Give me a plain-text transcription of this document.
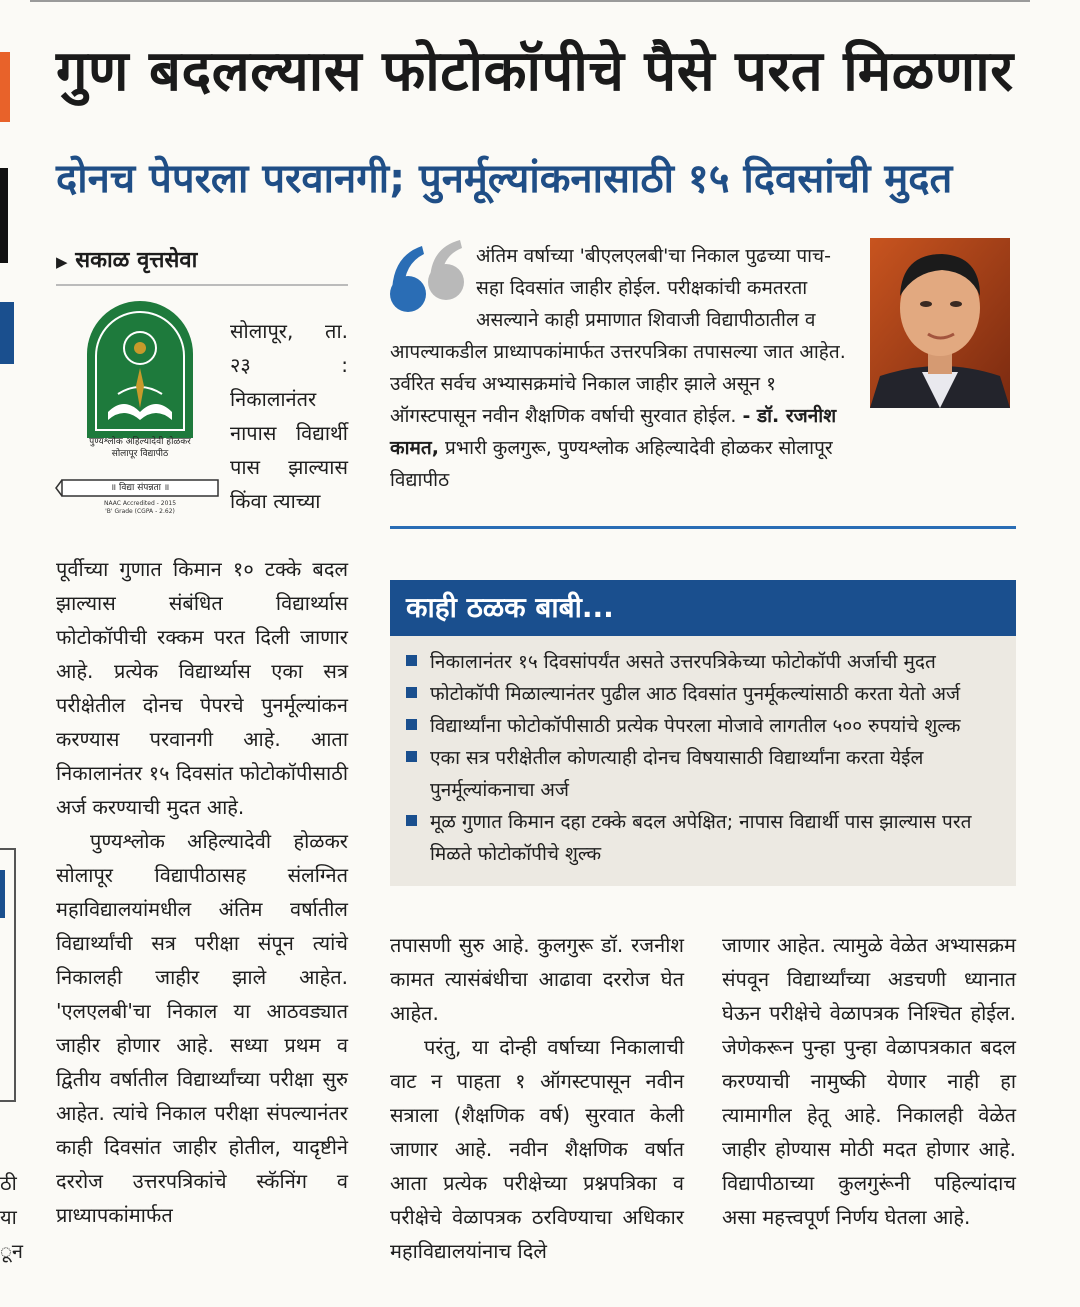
ठी
या
ून
गुण बदलल्यास फोटोकॉपीचे पैसे परत मिळणार
दोनच पेपरला परवानगी; पुनर्मूल्यांकनासाठी १५ दिवसांची मुदत
▶ सकाळ वृत्तसेवा
पुण्यश्लोक अहिल्यादेवी होळकर
सोलापूर विद्यापीठ
॥ विद्या संपन्नता ॥
NAAC Accredited - 2015
'B' Grade (CGPA - 2.62)
सोलापूर, ता. २३ : निकालानंतर नापास विद्यार्थी पास झाल्यास किंवा त्याच्या
पूर्वीच्या गुणात किमान १० टक्के बदल झाल्यास संबंधित विद्यार्थ्यास फोटोकॉपीची रक्कम परत दिली जाणार आहे. प्रत्येक विद्यार्थ्यास एका सत्र परीक्षेतील दोनच पेपरचे पुनर्मूल्यांकन करण्यास परवानगी आहे. आता निकालानंतर १५ दिवसांत फोटोकॉपीसाठी अर्ज करण्याची मुदत आहे.
पुण्यश्लोक अहिल्यादेवी होळकर सोलापूर विद्यापीठासह संलग्नित महाविद्यालयांमधील अंतिम वर्षातील विद्यार्थ्यांची सत्र परीक्षा संपून त्यांचे निकालही जाहीर झाले आहेत. 'एलएलबी'चा निकाल या आठवड्यात जाहीर होणार आहे. सध्या प्रथम व द्वितीय वर्षातील विद्यार्थ्यांच्या परीक्षा सुरु आहेत. त्यांचे निकाल परीक्षा संपल्यानंतर काही दिवसांत जाहीर होतील, यादृष्टीने दररोज उत्तरपत्रिकांचे स्कॅनिंग व प्राध्यापकांमार्फत
अंतिम वर्षाच्या 'बीएलएलबी'चा निकाल पुढच्या पाच-सहा दिवसांत जाहीर होईल. परीक्षकांची कमतरता असल्याने काही प्रमाणात शिवाजी विद्यापीठातील व आपल्याकडील प्राध्यापकांमार्फत उत्तरपत्रिका तपासल्या जात आहेत. उर्वरित सर्वच अभ्यासक्रमांचे निकाल जाहीर झाले असून १ ऑगस्टपासून नवीन शैक्षणिक वर्षाची सुरवात होईल. - डॉ. रजनीश कामत, प्रभारी कुलगुरू, पुण्यश्लोक अहिल्यादेवी होळकर सोलापूर विद्यापीठ
काही ठळक बाबी...
निकालानंतर १५ दिवसांपर्यंत असते उत्तरपत्रिकेच्या फोटोकॉपी अर्जाची मुदत
फोटोकॉपी मिळाल्यानंतर पुढील आठ दिवसांत पुनर्मूकल्यांसाठी करता येतो अर्ज
विद्यार्थ्यांना फोटोकॉपीसाठी प्रत्येक पेपरला मोजावे लागतील ५०० रुपयांचे शुल्क
एका सत्र परीक्षेतील कोणत्याही दोनच विषयासाठी विद्यार्थ्यांना करता येईल पुनर्मूल्यांकनाचा अर्ज
मूळ गुणात किमान दहा टक्के बदल अपेक्षित; नापास विद्यार्थी पास झाल्यास परत मिळते फोटोकॉपीचे शुल्क
तपासणी सुरु आहे. कुलगुरू डॉ. रजनीश कामत त्यासंबंधीचा आढावा दररोज घेत आहेत.
परंतु, या दोन्ही वर्षाच्या निकालाची वाट न पाहता १ ऑगस्टपासून नवीन सत्राला (शैक्षणिक वर्ष) सुरवात केली जाणार आहे. नवीन शैक्षणिक वर्षात आता प्रत्येक परीक्षेच्या प्रश्नपत्रिका व परीक्षेचे वेळापत्रक ठरविण्याचा अधिकार महाविद्यालयांनाच दिले
जाणार आहेत. त्यामुळे वेळेत अभ्यासक्रम संपवून विद्यार्थ्यांच्या अडचणी ध्यानात घेऊन परीक्षेचे वेळापत्रक निश्चित होईल. जेणेकरून पुन्हा पुन्हा वेळापत्रकात बदल करण्याची नामुष्की येणार नाही हा त्यामागील हेतू आहे. निकालही वेळेत जाहीर होण्यास मोठी मदत होणार आहे. विद्यापीठाच्या कुलगुरूंनी पहिल्यांदाच असा महत्त्वपूर्ण निर्णय घेतला आहे.
